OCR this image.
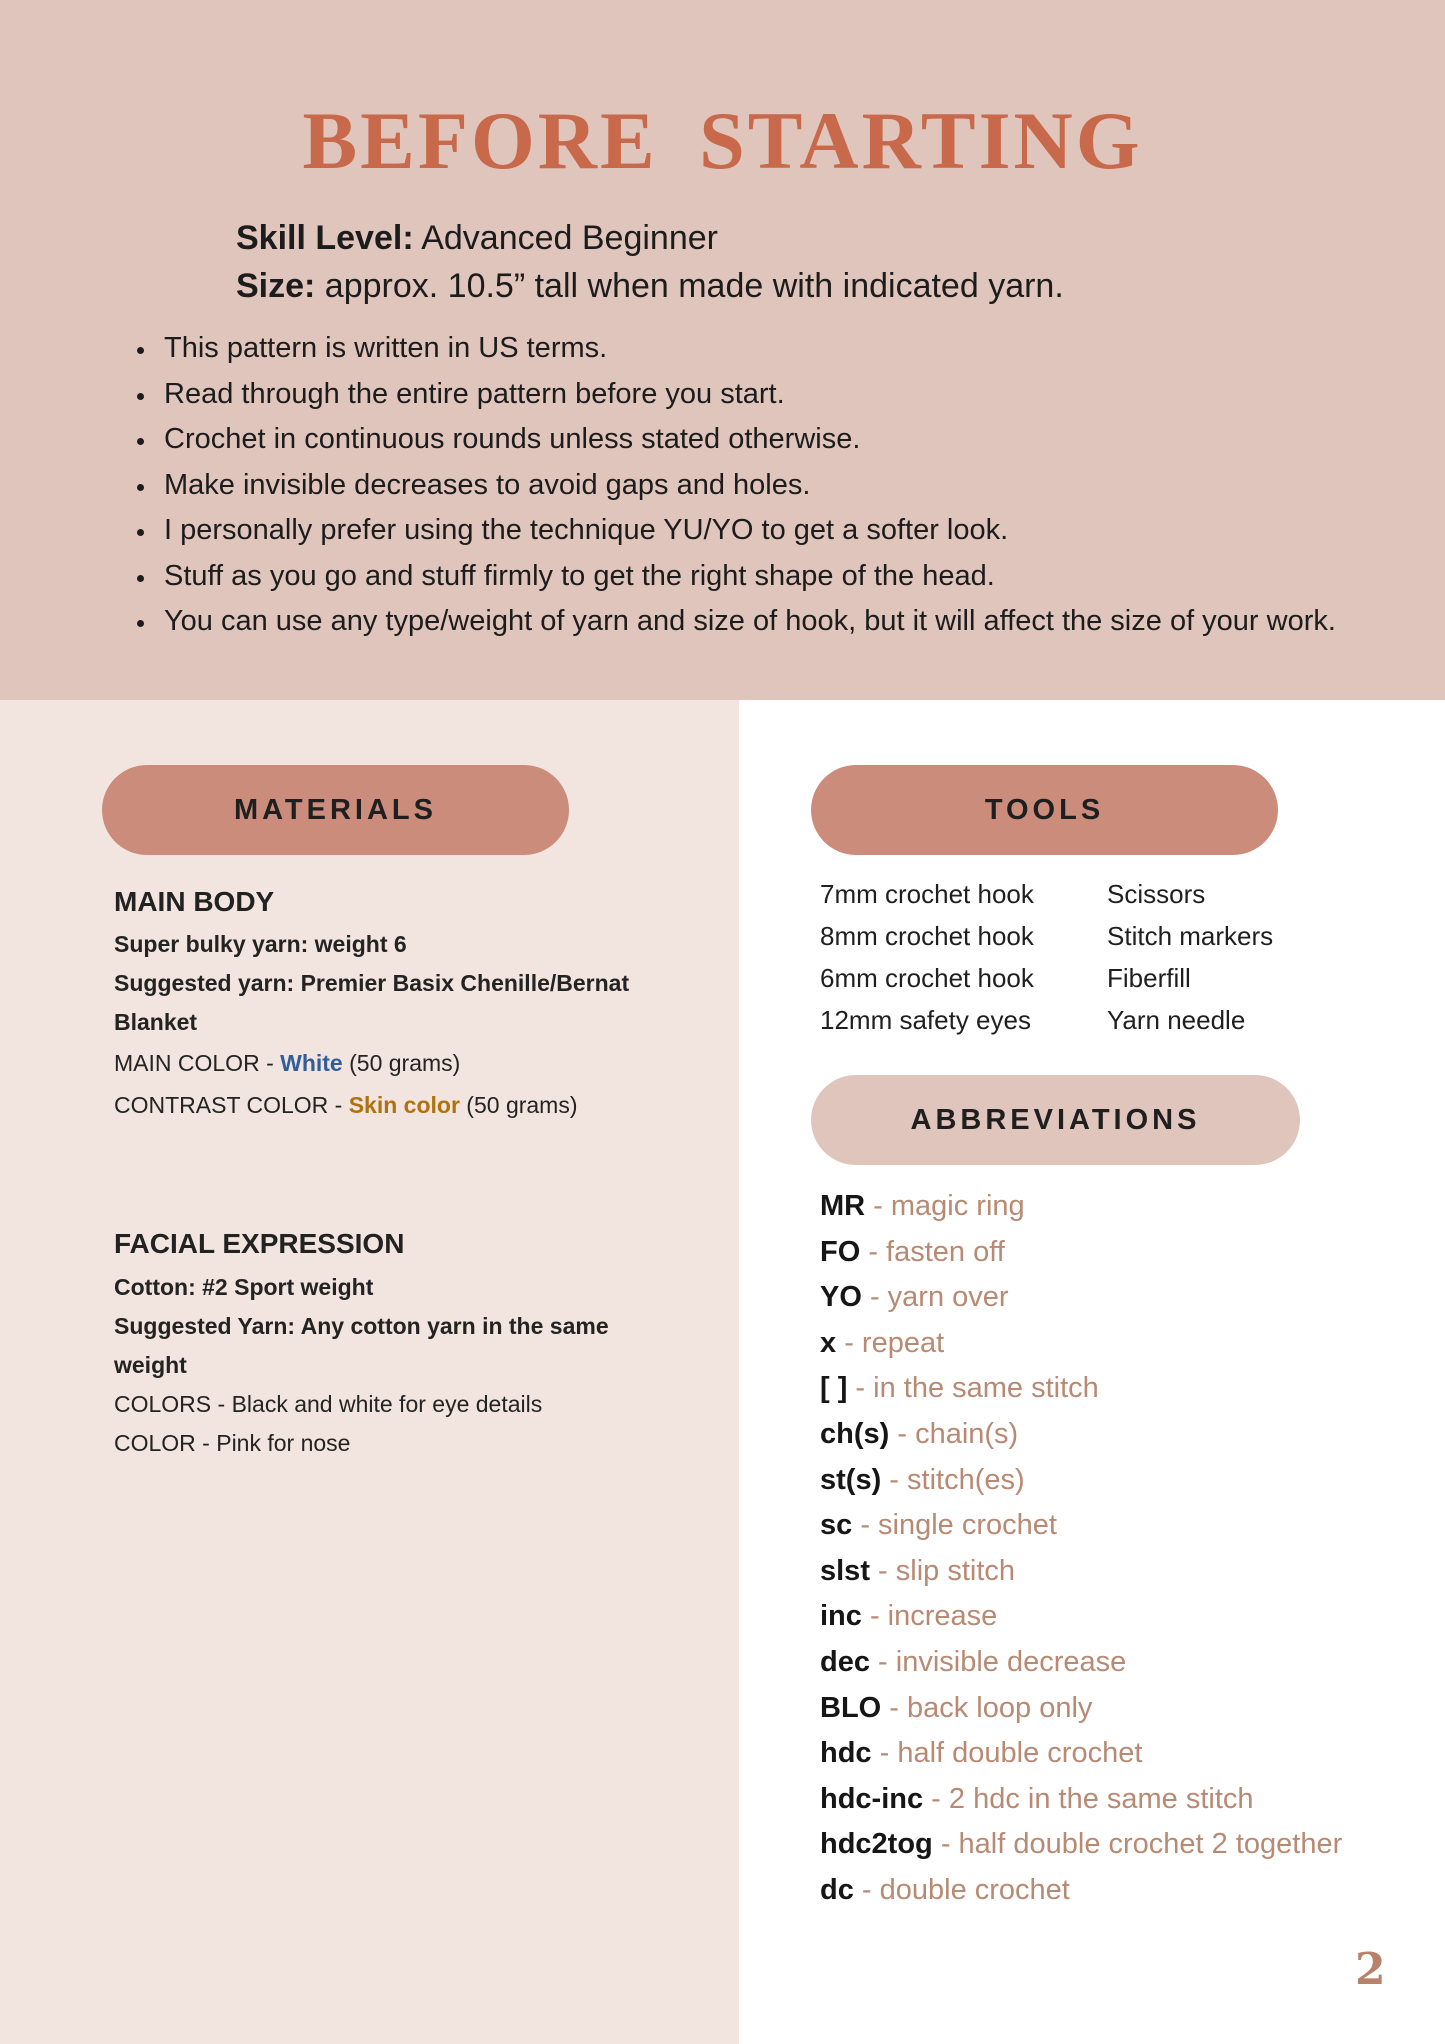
BEFORE STARTING
Skill Level: Advanced Beginner
Size: approx. 10.5” tall when made with indicated yarn.
This pattern is written in US terms.
Read through the entire pattern before you start.
Crochet in continuous rounds unless stated otherwise.
Make invisible decreases to avoid gaps and holes.
I personally prefer using the technique YU/YO to get a softer look.
Stuff as you go and stuff firmly to get the right shape of the head.
You can use any type/weight of yarn and size of hook, but it will affect the size of your work.
MATERIALS
MAIN BODY
Super bulky yarn: weight 6
Suggested yarn: Premier Basix Chenille/Bernat
Blanket
MAIN COLOR - White (50 grams)
CONTRAST COLOR - Skin color (50 grams)
FACIAL EXPRESSION
Cotton: #2 Sport weight
Suggested Yarn: Any cotton yarn in the same
weight
COLORS - Black and white for eye details
COLOR - Pink for nose
TOOLS
7mm crochet hook
8mm crochet hook
6mm crochet hook
12mm safety eyes
Scissors
Stitch markers
Fiberfill
Yarn needle
ABBREVIATIONS
MR - magic ring
FO - fasten off
YO - yarn over
x - repeat
[ ] - in the same stitch
ch(s) - chain(s)
st(s) - stitch(es)
sc - single crochet
slst - slip stitch
inc - increase
dec - invisible decrease
BLO - back loop only
hdc - half double crochet
hdc-inc - 2 hdc in the same stitch
hdc2tog - half double crochet 2 together
dc - double crochet
2
